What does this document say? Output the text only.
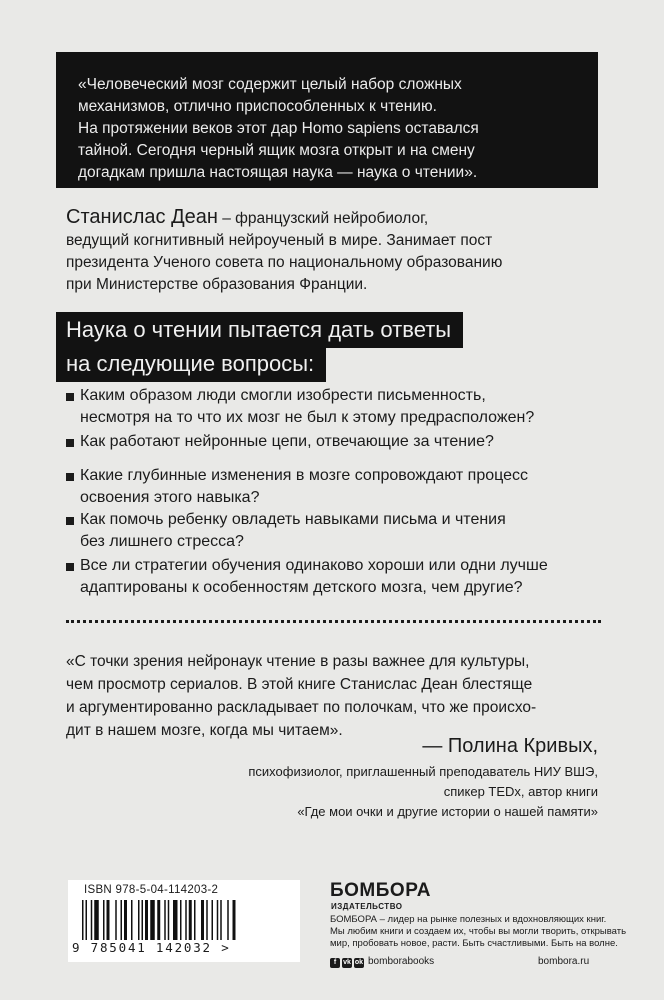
«Человеческий мозг содержит целый набор сложных
механизмов, отлично приспособленных к чтению.
На протяжении веков этот дар Homo sapiens оставался
тайной. Сегодня черный ящик мозга открыт и на смену
догадкам пришла настоящая наука — наука о чтении».
Станислас Деан – французский нейробиолог,
ведущий когнитивный нейроученый в мире. Занимает пост
президента Ученого совета по национальному образованию
при Министерстве образования Франции.
Наука о чтении пытается дать ответы
на следующие вопросы:
Каким образом люди смогли изобрести письменность,
несмотря на то что их мозг не был к этому предрасположен?
Как работают нейронные цепи, отвечающие за чтение?
Какие глубинные изменения в мозге сопровождают процесс
освоения этого навыка?
Как помочь ребенку овладеть навыками письма и чтения
без лишнего стресса?
Все ли стратегии обучения одинаково хороши или одни лучше
адаптированы к особенностям детского мозга, чем другие?
«С точки зрения нейронаук чтение в разы важнее для культуры,
чем просмотр сериалов. В этой книге Станислас Деан блестяще
и аргументированно раскладывает по полочкам, что же происхо-
дит в нашем мозге, когда мы читаем».
— Полина Кривых,
психофизиолог, приглашенный преподаватель НИУ ВШЭ,
спикер TEDx, автор книги
«Где мои очки и другие истории о нашей памяти»
ISBN 978-5-04-114203-2
9 785041 142032 >
БОМБОРА
ИЗДАТЕЛЬСТВО
БОМБОРА – лидер на рынке полезных и вдохновляющих книг.
Мы любим книги и создаем их, чтобы вы могли творить, открывать
мир, пробовать новое, расти. Быть счастливыми. Быть на волне.
f vk ok bomborabooks	bombora.ru
